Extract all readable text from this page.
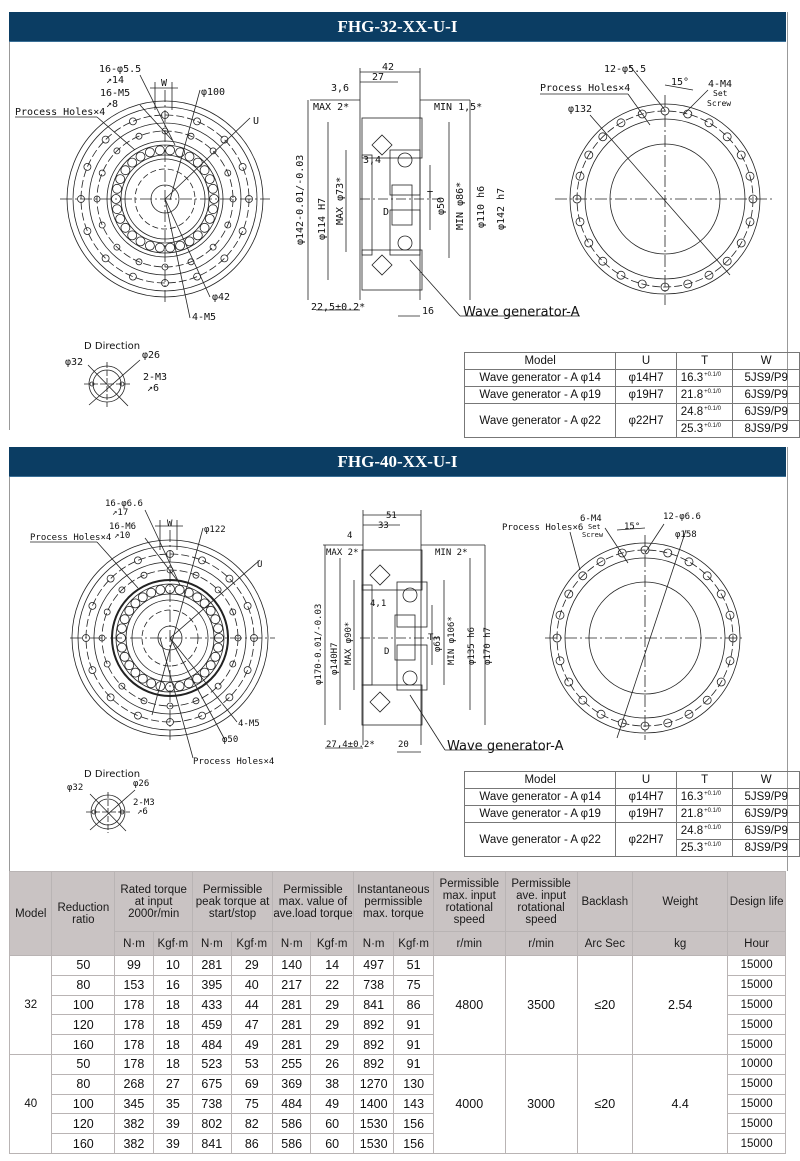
FHG-32-XX-U-I
16-φ5.5
↗14
16-M5
↗8
Process Holes×4
W
φ100
U
φ42
4-M5
42
27
3,6
MAX 2*	MIN 1,5*
3,4
D
T
22,5±0.2*	16
φ142-0.01/-0.03 φ114 H7 MAX φ73*	φ50 MIN φ86* φ110 h6 φ142 h7
Wave generator-A
12-φ5.5
Process Holes×4
15° 4-M4
Set
Screw
φ132
D Direction
φ32
φ26
2-M3
↗6
Model	U	T	W
Wave generator - A φ14	φ14H7	$16.3^{+0.1/0}$	5JS9/P9
Wave generator - A φ19	φ19H7	$21.8^{+0.1/0}$	6JS9/P9
Wave generator - A φ22	φ22H7	$24.8^{+0.1/0}$	6JS9/P9
		$25.3^{+0.1/0}$	8JS9/P9
FHG-40-XX-U-I
16-φ6.6
↗17
16-M6
↗10
Process Holes×4
W
φ122
U
4-M5
φ50
Process Holes×4
51
33
4
MAX 2*	MIN 2*
4,1
D
T
27,4±0.2*	20
φ170-0.01/-0.03 φ140H7 MAX φ90*	φ63 MIN φ106* φ135 h6 φ170 h7
Wave generator-A
Process Holes×6
6-M4
Set
Screw
15°
12-φ6.6
φ158
D Direction
φ32	φ26
2-M3
↗6
Model	U	T	W
Wave generator - A φ14	φ14H7	$16.3^{+0.1/0}$	5JS9/P9
Wave generator - A φ19	φ19H7	$21.8^{+0.1/0}$	6JS9/P9
Wave generator - A φ22	φ22H7	$24.8^{+0.1/0}$	6JS9/P9
		$25.3^{+0.1/0}$	8JS9/P9
Model	Reduction ratio	Rated torque at input 2000r/min		Permissible peak torque at start/stop		Permissible max. value of ave.load torque		Instantaneous permissible max. torque		Permissible max. input rotational speed	Permissible ave. input rotational speed	Backlash	Weight	Design life
		N·m	Kgf·m	N·m	Kgf·m	N·m	Kgf·m	N·m	Kgf·m	r/min	r/min	Arc Sec	kg	Hour
32	50	99	10	281	29	140	14	497	51	4800	3500	≤20	2.54	15000
	80	153	16	395	40	217	22	738	75					15000
	100	178	18	433	44	281	29	841	86					15000
	120	178	18	459	47	281	29	892	91					15000
	160	178	18	484	49	281	29	892	91					15000
40	50	178	18	523	53	255	26	892	91	4000	3000	≤20	4.4	10000
	80	268	27	675	69	369	38	1270	130					15000
	100	345	35	738	75	484	49	1400	143					15000
	120	382	39	802	82	586	60	1530	156					15000
	160	382	39	841	86	586	60	1530	156					15000
